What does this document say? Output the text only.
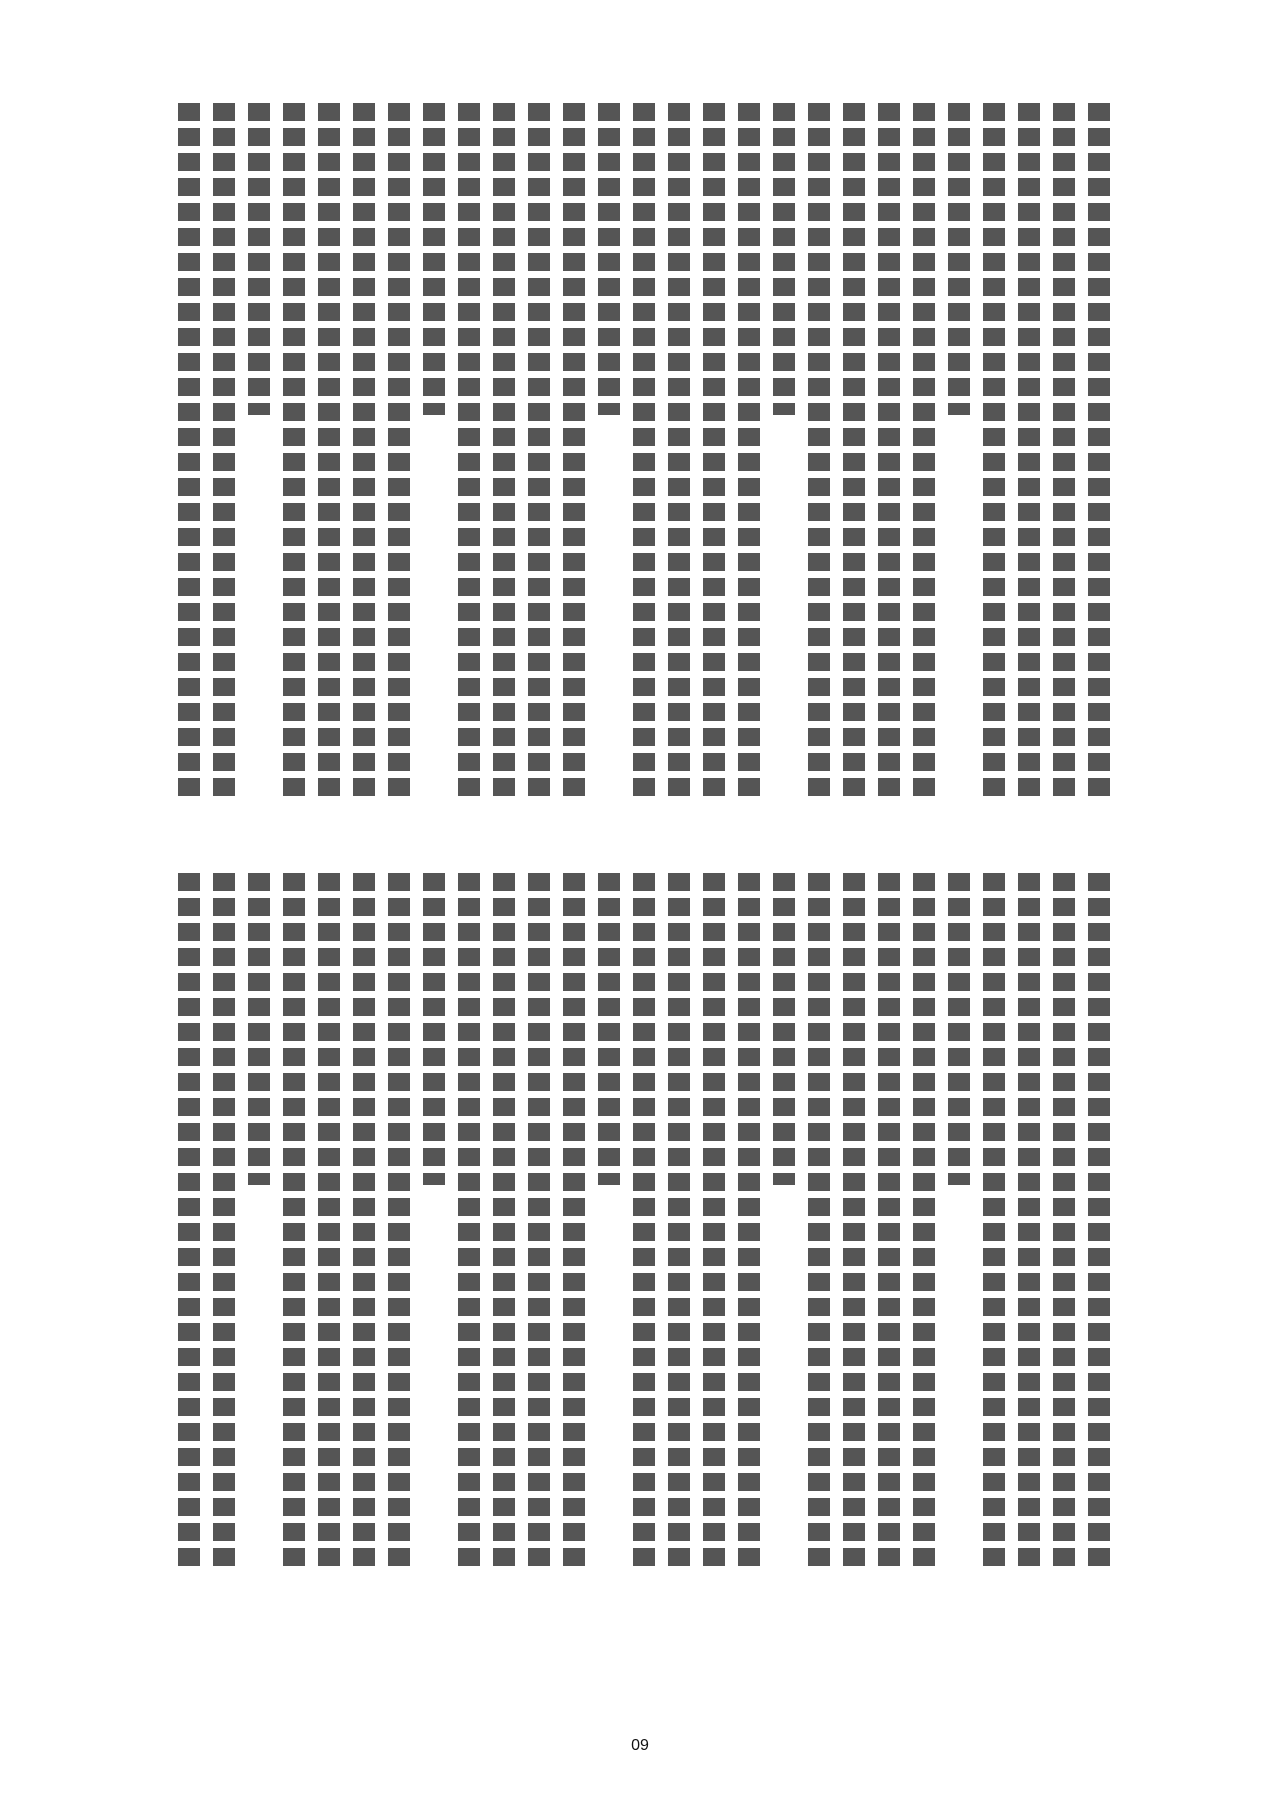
09
